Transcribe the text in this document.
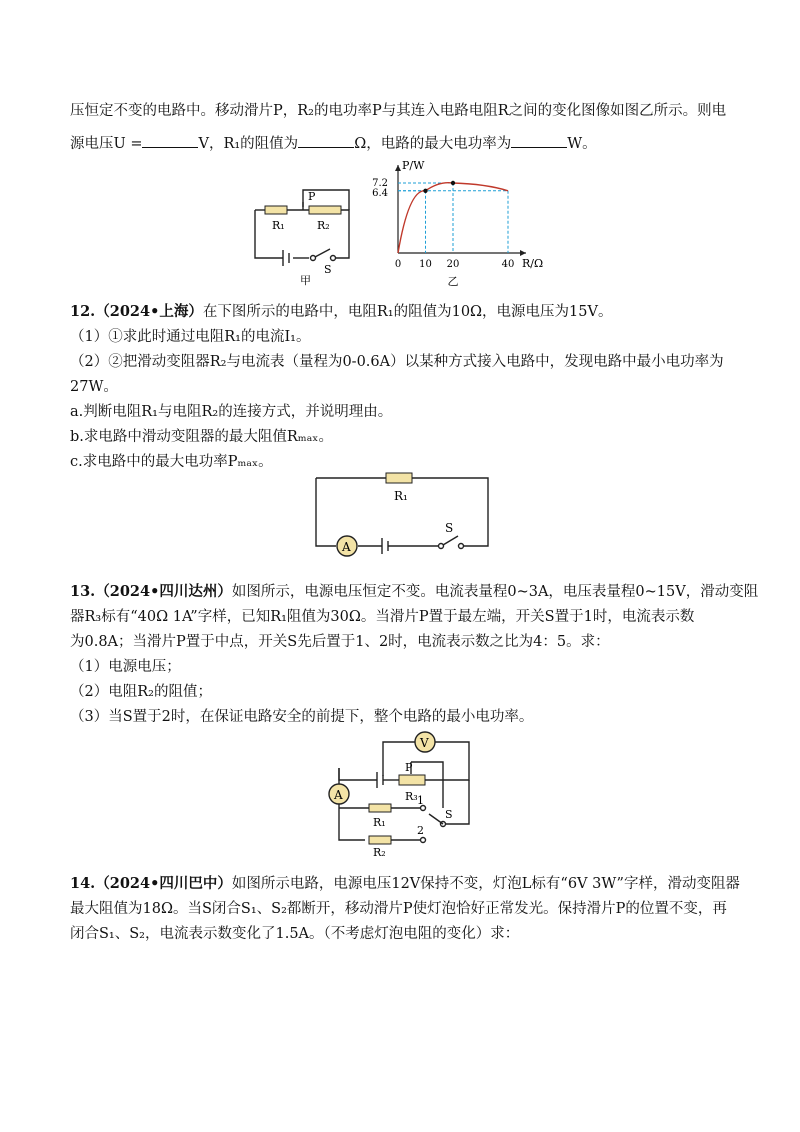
压恒定不变的电路中。移动滑片P，R₂的电功率P与其连入电路电阻R之间的变化图像如图乙所示。则电
源电压U =	V，R₁的阻值为	Ω，电路的最大电功率为	W。
R₁	R₂
P
S
甲
P/W
R/Ω
7.2
6.4
0 10 20	40
乙
12.（2024•上海）在下图所示的电路中，电阻R₁的阻值为10Ω，电源电压为15V。
（1）①求此时通过电阻R₁的电流I₁。
（2）②把滑动变阻器R₂与电流表（量程为0-0.6A）以某种方式接入电路中，发现电路中最小电功率为
27W。
a.判断电阻R₁与电阻R₂的连接方式，并说明理由。
b.求电路中滑动变阻器的最大阻值Rₘₐₓ。
c.求电路中的最大电功率Pₘₐₓ。
A
R₁
S
13.（2024•四川达州）如图所示，电源电压恒定不变。电流表量程0~3A，电压表量程0~15V，滑动变阻
器R₃标有“40Ω 1A”字样，已知R₁阻值为30Ω。当滑片P置于最左端，开关S置于1时，电流表示数
为0.8A；当滑片P置于中点，开关S先后置于1、2时，电流表示数之比为4：5。求：
（1）电源电压；
（2）电阻R₂的阻值；
（3）当S置于2时，在保证电路安全的前提下，整个电路的最小电功率。
V
A
P
R₃
R₁
R₂
1
2
S
14.（2024•四川巴中）如图所示电路，电源电压12V保持不变，灯泡L标有“6V 3W”字样，滑动变阻器
最大阻值为18Ω。当S闭合S₁、S₂都断开，移动滑片P使灯泡恰好正常发光。保持滑片P的位置不变，再
闭合S₁、S₂，电流表示数变化了1.5A。（不考虑灯泡电阻的变化）求：
